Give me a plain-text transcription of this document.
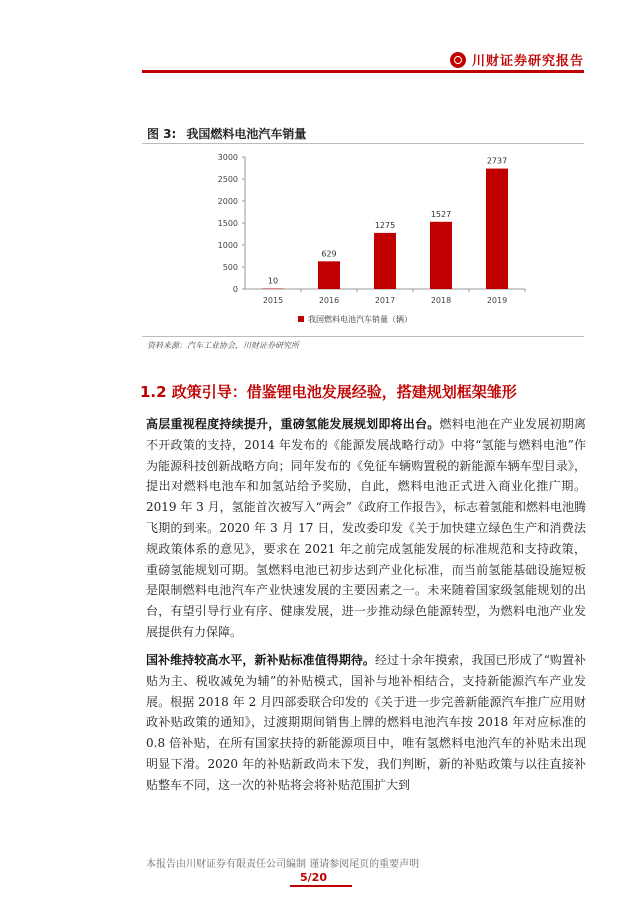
川财证券研究报告
图 3: 我国燃料电池汽车销量
0
500
1000
1500
2000
2500
3000
10
2015
629
2016
1275
2017
1527
2018
2737
2019
我国燃料电池汽车销量（辆）
资料来源：汽车工业协会，川财证券研究所
1.2 政策引导：借鉴锂电池发展经验，搭建规划框架雏形
高层重视程度持续提升，重磅氢能发展规划即将出台。燃料电池在产业发展初期离不开政策的支持，2014 年发布的《能源发展战略行动》中将“氢能与燃料电池”作为能源科技创新战略方向；同年发布的《免征车辆购置税的新能源车辆车型目录》，提出对燃料电池车和加氢站给予奖励，自此，燃料电池正式进入商业化推广期。2019 年 3 月，氢能首次被写入“两会”《政府工作报告》，标志着氢能和燃料电池腾飞期的到来。2020 年 3 月 17 日，发改委印发《关于加快建立绿色生产和消费法规政策体系的意见》，要求在 2021 年之前完成氢能发展的标准规范和支持政策，重磅氢能规划可期。氢燃料电池已初步达到产业化标准，而当前氢能基础设施短板是限制燃料电池汽车产业快速发展的主要因素之一。未来随着国家级氢能规划的出台，有望引导行业有序、健康发展，进一步推动绿色能源转型，为燃料电池产业发展提供有力保障。
国补维持较高水平，新补贴标准值得期待。经过十余年摸索，我国已形成了“购置补贴为主、税收减免为辅”的补贴模式，国补与地补相结合，支持新能源汽车产业发展。根据 2018 年 2 月四部委联合印发的《关于进一步完善新能源汽车推广应用财政补贴政策的通知》，过渡期期间销售上牌的燃料电池汽车按 2018 年对应标准的 0.8 倍补贴，在所有国家扶持的新能源项目中，唯有氢燃料电池汽车的补贴未出现明显下滑。2020 年的补贴新政尚未下发，我们判断，新的补贴政策与以往直接补贴整车不同，这一次的补贴将会将补贴范围扩大到
本报告由川财证券有限责任公司编制 谨请参阅尾页的重要声明
5/20
